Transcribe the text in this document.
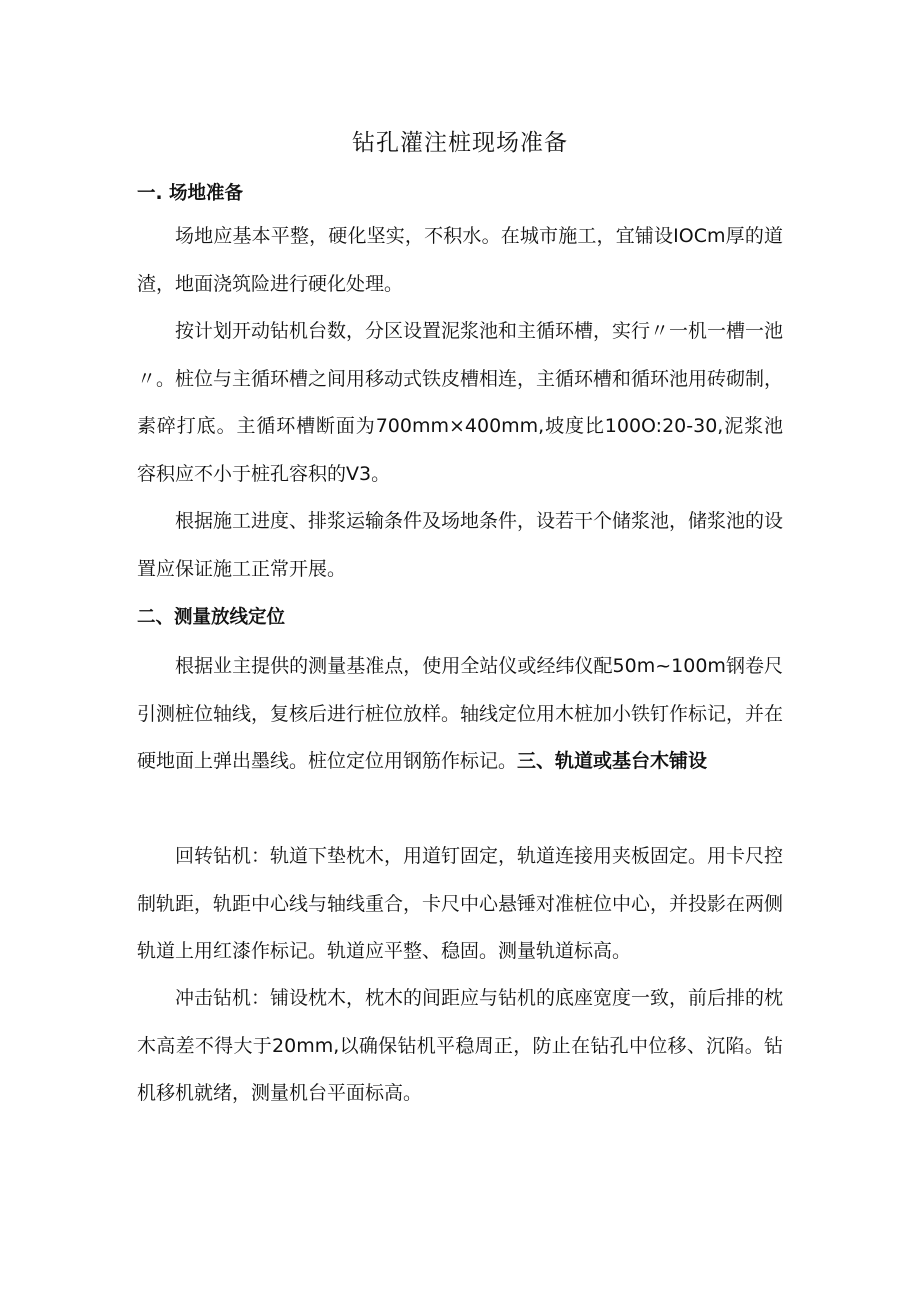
钻孔灌注桩现场准备
一. 场地准备

场地应基本平整，硬化坚实，不积水。在城市施工，宜铺设IOCm厚的道渣，地面浇筑险进行硬化处理。

按计划开动钻机台数，分区设置泥浆池和主循环槽，实行〃一机一槽一池〃。桩位与主循环槽之间用移动式铁皮槽相连，主循环槽和循环池用砖砌制，素碎打底。主循环槽断面为700mm×400mm,坡度比100O:20-30,泥浆池容积应不小于桩孔容积的V3。

根据施工进度、排浆运输条件及场地条件，设若干个储浆池，储浆池的设置应保证施工正常开展。

二、测量放线定位

根据业主提供的测量基准点，使用全站仪或经纬仪配50m~100m钢卷尺引测桩位轴线，复核后进行桩位放样。轴线定位用木桩加小铁钉作标记，并在硬地面上弹出墨线。桩位定位用钢筋作标记。三、轨道或基台木铺设

回转钻机：轨道下垫枕木，用道钉固定，轨道连接用夹板固定。用卡尺控制轨距，轨距中心线与轴线重合，卡尺中心悬锤对准桩位中心，并投影在两侧轨道上用红漆作标记。轨道应平整、稳固。测量轨道标高。

冲击钻机：铺设枕木，枕木的间距应与钻机的底座宽度一致，前后排的枕木高差不得大于20mm,以确保钻机平稳周正，防止在钻孔中位移、沉陷。钻机移机就绪，测量机台平面标高。
